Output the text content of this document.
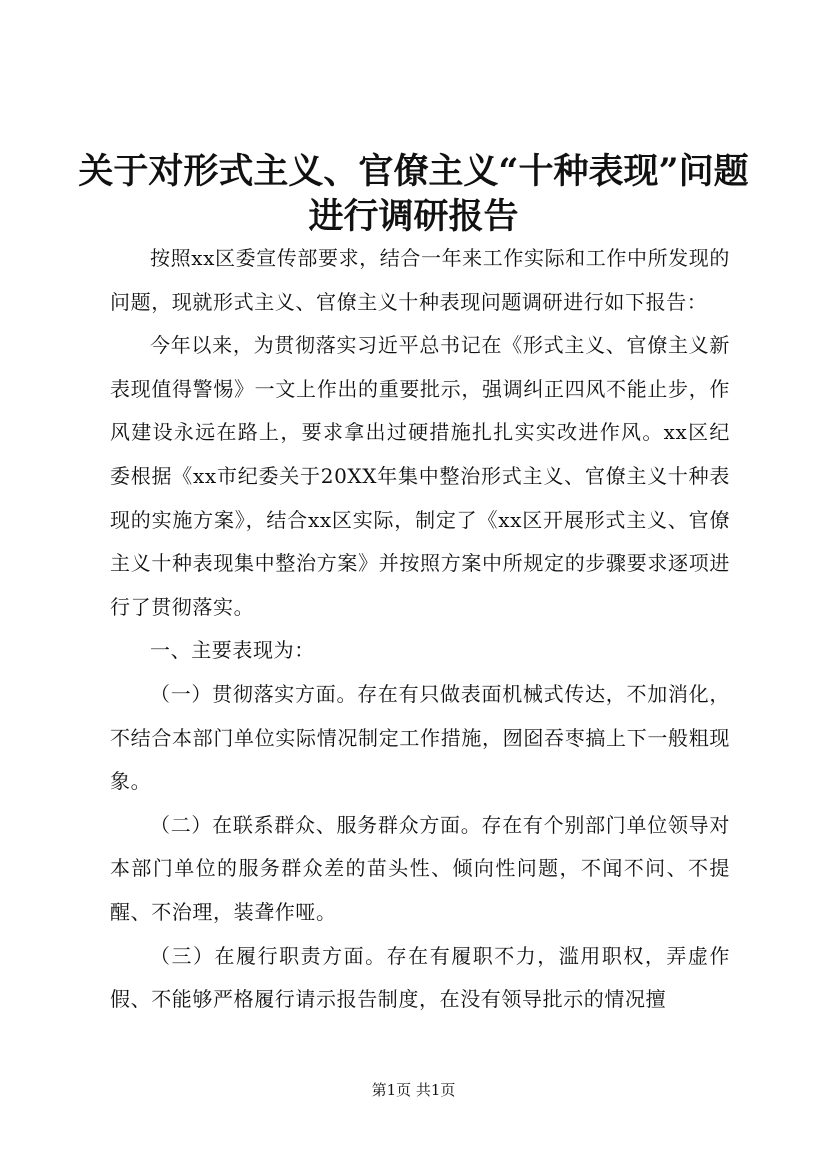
关于对形式主义、官僚主义“十种表现”问题
进行调研报告

按照xx区委宣传部要求，结合一年来工作实际和工作中所发现的问题，现就形式主义、官僚主义十种表现问题调研进行如下报告：

今年以来，为贯彻落实习近平总书记在《形式主义、官僚主义新表现值得警惕》一文上作出的重要批示，强调纠正四风不能止步，作风建设永远在路上，要求拿出过硬措施扎扎实实改进作风。xx区纪委根据《xx市纪委关于20XX年集中整治形式主义、官僚主义十种表现的实施方案》，结合xx区实际，制定了《xx区开展形式主义、官僚主义十种表现集中整治方案》并按照方案中所规定的步骤要求逐项进行了贯彻落实。

一、主要表现为：

（一）贯彻落实方面。存在有只做表面机械式传达，不加消化，不结合本部门单位实际情况制定工作措施，囫囵吞枣搞上下一般粗现象。

（二）在联系群众、服务群众方面。存在有个别部门单位领导对本部门单位的服务群众差的苗头性、倾向性问题，不闻不问、不提醒、不治理，装聋作哑。

（三）在履行职责方面。存在有履职不力，滥用职权，弄虚作假、不能够严格履行请示报告制度，在没有领导批示的情况擅

第1页 共1页
